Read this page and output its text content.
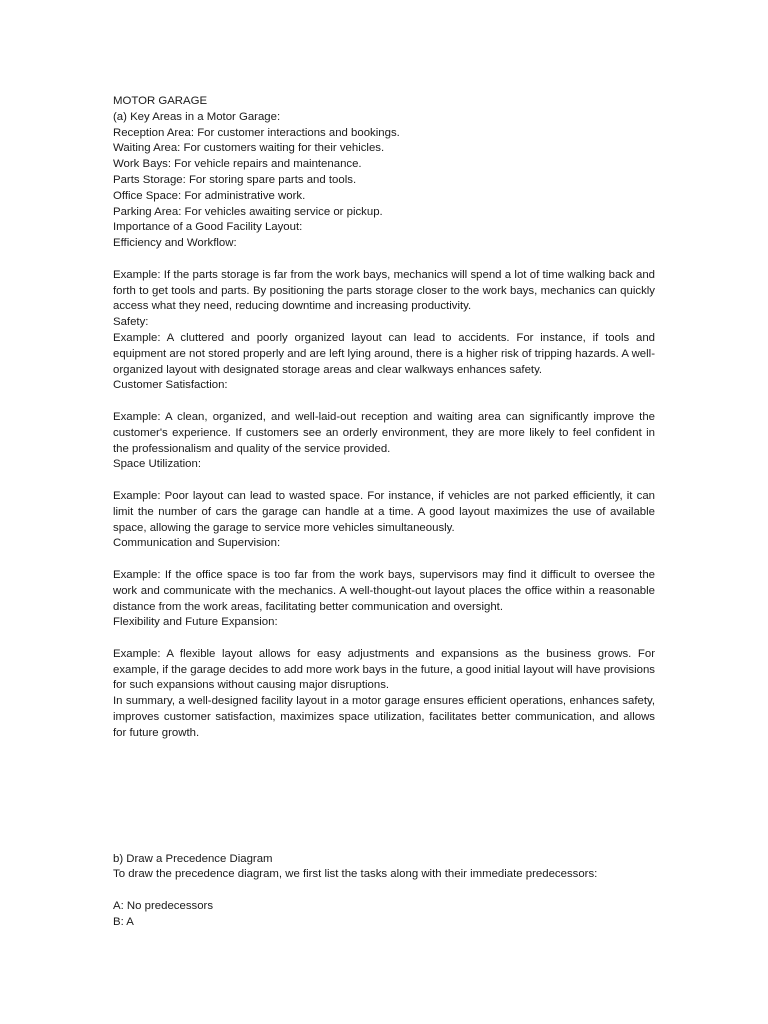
MOTOR GARAGE
(a) Key Areas in a Motor Garage:
Reception Area: For customer interactions and bookings.
Waiting Area: For customers waiting for their vehicles.
Work Bays: For vehicle repairs and maintenance.
Parts Storage: For storing spare parts and tools.
Office Space: For administrative work.
Parking Area: For vehicles awaiting service or pickup.
Importance of a Good Facility Layout:
Efficiency and Workflow:
Example: If the parts storage is far from the work bays, mechanics will spend a lot of time walking back and forth to get tools and parts. By positioning the parts storage closer to the work bays, mechanics can quickly access what they need, reducing downtime and increasing productivity.
Safety:
Example: A cluttered and poorly organized layout can lead to accidents. For instance, if tools and equipment are not stored properly and are left lying around, there is a higher risk of tripping hazards. A well-organized layout with designated storage areas and clear walkways enhances safety.
Customer Satisfaction:
Example: A clean, organized, and well-laid-out reception and waiting area can significantly improve the customer's experience. If customers see an orderly environment, they are more likely to feel confident in the professionalism and quality of the service provided.
Space Utilization:
Example: Poor layout can lead to wasted space. For instance, if vehicles are not parked efficiently, it can limit the number of cars the garage can handle at a time. A good layout maximizes the use of available space, allowing the garage to service more vehicles simultaneously.
Communication and Supervision:
Example: If the office space is too far from the work bays, supervisors may find it difficult to oversee the work and communicate with the mechanics. A well-thought-out layout places the office within a reasonable distance from the work areas, facilitating better communication and oversight.
Flexibility and Future Expansion:
Example: A flexible layout allows for easy adjustments and expansions as the business grows. For example, if the garage decides to add more work bays in the future, a good initial layout will have provisions for such expansions without causing major disruptions.
In summary, a well-designed facility layout in a motor garage ensures efficient operations, enhances safety, improves customer satisfaction, maximizes space utilization, facilitates better communication, and allows for future growth.
b) Draw a Precedence Diagram
To draw the precedence diagram, we first list the tasks along with their immediate predecessors:
A: No predecessors
B: A
